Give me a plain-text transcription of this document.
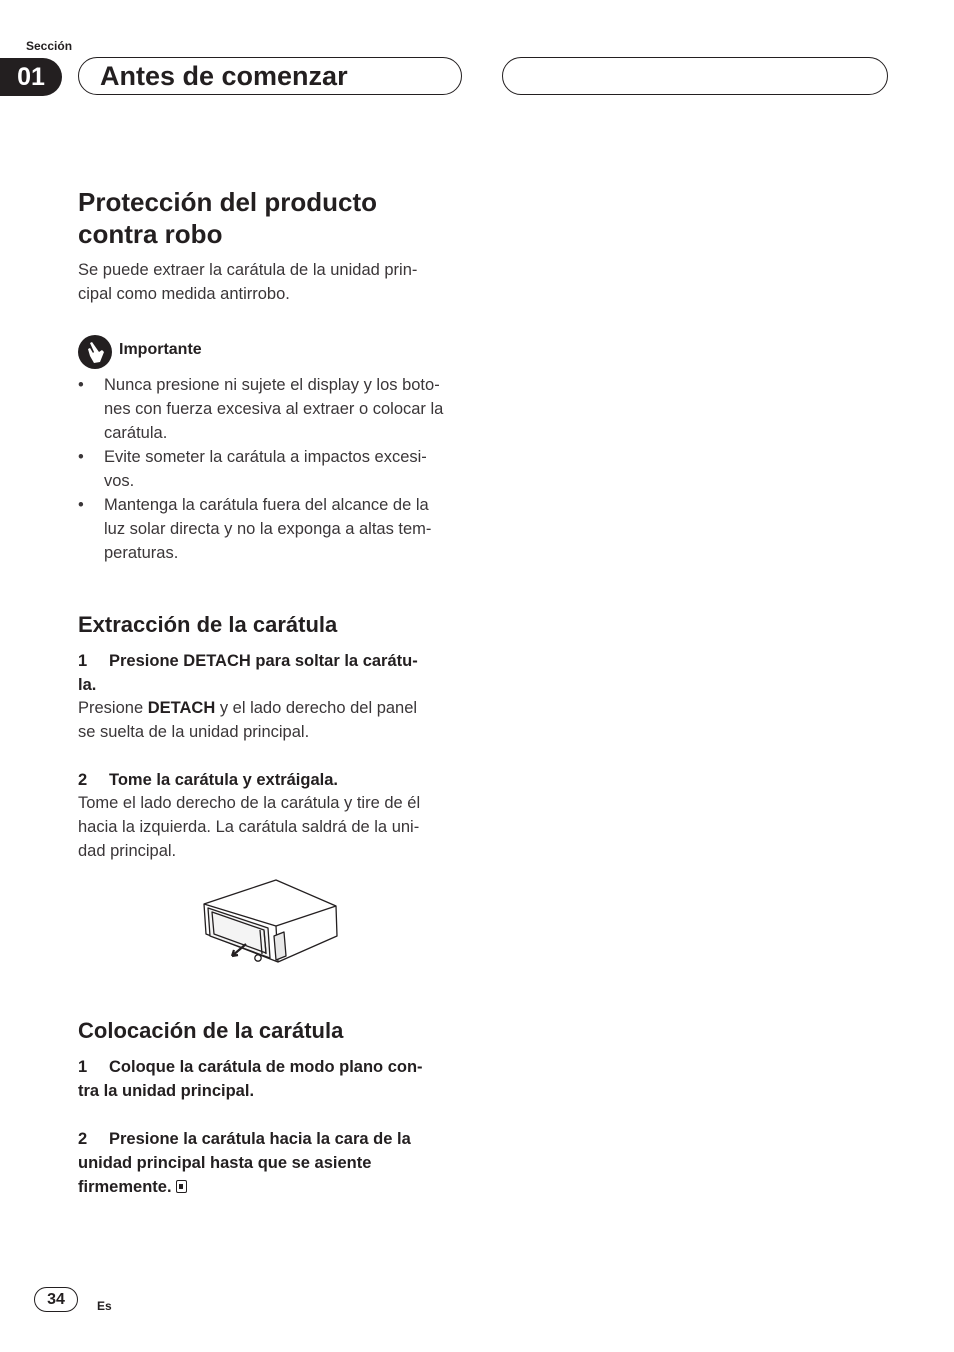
Sección
01	Antes de comenzar
Protección del producto
contra robo
Se puede extraer la carátula de la unidad prin-
cipal como medida antirrobo.
Importante
• Nunca presione ni sujete el display y los boto-
nes con fuerza excesiva al extraer o colocar la
carátula.
• Evite someter la carátula a impactos excesi-
vos.
• Mantenga la carátula fuera del alcance de la
luz solar directa y no la exponga a altas tem-
peraturas.
Extracción de la carátula
1 Presione DETACH para soltar la carátu-
la.
Presione DETACH y el lado derecho del panel
se suelta de la unidad principal.
2 Tome la carátula y extráigala.
Tome el lado derecho de la carátula y tire de él
hacia la izquierda. La carátula saldrá de la uni-
dad principal.
Colocación de la carátula
1 Coloque la carátula de modo plano con-
tra la unidad principal.
2 Presione la carátula hacia la cara de la
unidad principal hasta que se asiente
firmemente.
34	Es
